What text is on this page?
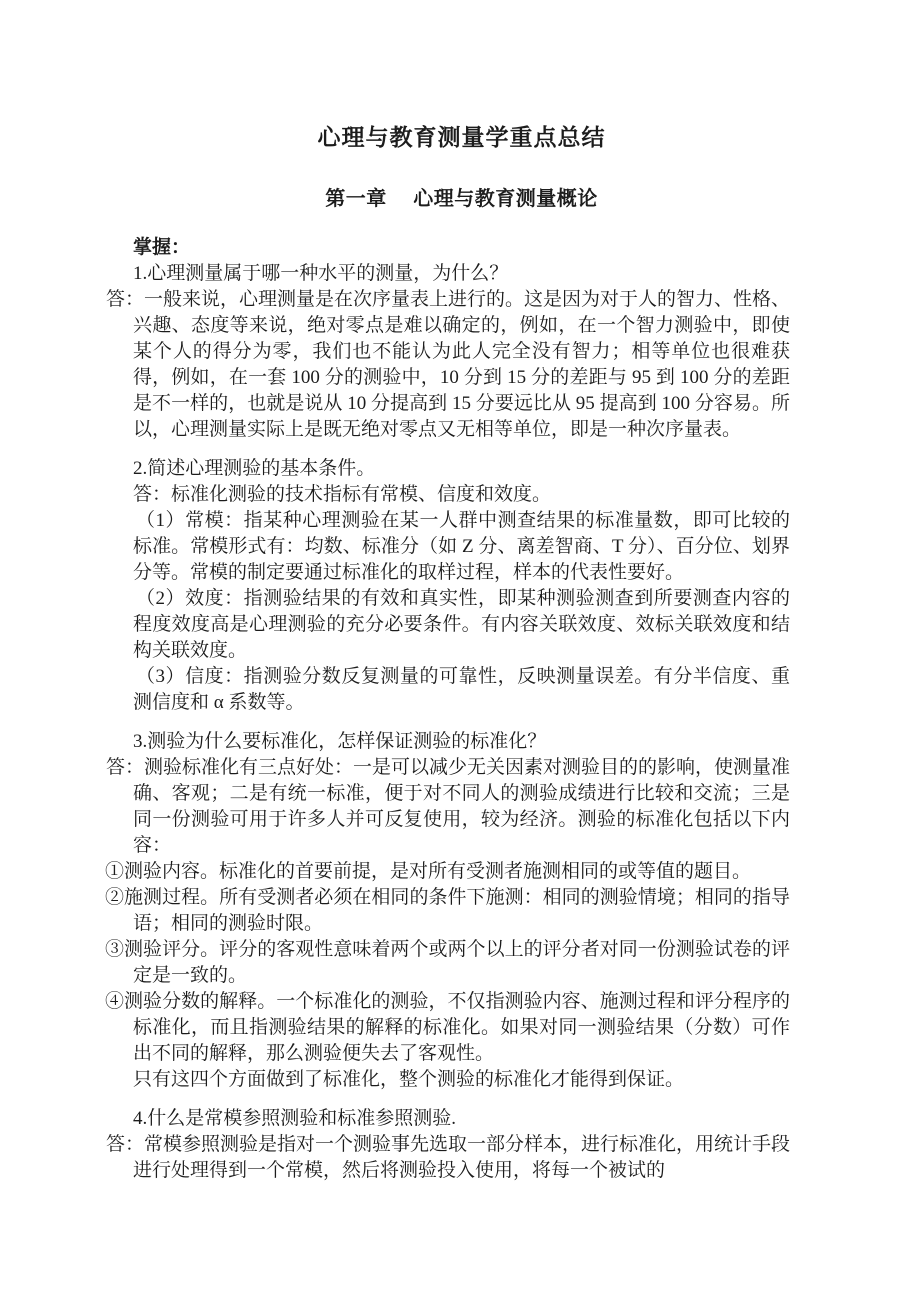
心理与教育测量学重点总结
第一章　 心理与教育测量概论

掌握：

1.心理测量属于哪一种水平的测量，为什么？

答：一般来说，心理测量是在次序量表上进行的。这是因为对于人的智力、性格、兴趣、态度等来说，绝对零点是难以确定的，例如，在一个智力测验中，即使某个人的得分为零，我们也不能认为此人完全没有智力；相等单位也很难获得，例如，在一套 100 分的测验中，10 分到 15 分的差距与 95 到 100 分的差距是不一样的，也就是说从 10 分提高到 15 分要远比从 95 提高到 100 分容易。所以，心理测量实际上是既无绝对零点又无相等单位，即是一种次序量表。

2.简述心理测验的基本条件。

答：标准化测验的技术指标有常模、信度和效度。

（1）常模：指某种心理测验在某一人群中测查结果的标准量数，即可比较的标准。常模形式有：均数、标准分（如 Z 分、离差智商、T 分）、百分位、划界分等。常模的制定要通过标准化的取样过程，样本的代表性要好。

（2）效度：指测验结果的有效和真实性，即某种测验测查到所要测查内容的程度效度高是心理测验的充分必要条件。有内容关联效度、效标关联效度和结构关联效度。

（3）信度：指测验分数反复测量的可靠性，反映测量误差。有分半信度、重测信度和 α 系数等。

3.测验为什么要标准化，怎样保证测验的标准化？

答：测验标准化有三点好处：一是可以减少无关因素对测验目的的影响，使测量准确、客观；二是有统一标准，便于对不同人的测验成绩进行比较和交流；三是同一份测验可用于许多人并可反复使用，较为经济。测验的标准化包括以下内容：

①测验内容。标准化的首要前提，是对所有受测者施测相同的或等值的题目。

②施测过程。所有受测者必须在相同的条件下施测：相同的测验情境；相同的指导语；相同的测验时限。

③测验评分。评分的客观性意味着两个或两个以上的评分者对同一份测验试卷的评定是一致的。

④测验分数的解释。一个标准化的测验，不仅指测验内容、施测过程和评分程序的标准化，而且指测验结果的解释的标准化。如果对同一测验结果（分数）可作出不同的解释，那么测验便失去了客观性。

只有这四个方面做到了标准化，整个测验的标准化才能得到保证。

4.什么是常模参照测验和标准参照测验.

答：常模参照测验是指对一个测验事先选取一部分样本，进行标准化，用统计手段进行处理得到一个常模，然后将测验投入使用，将每一个被试的
